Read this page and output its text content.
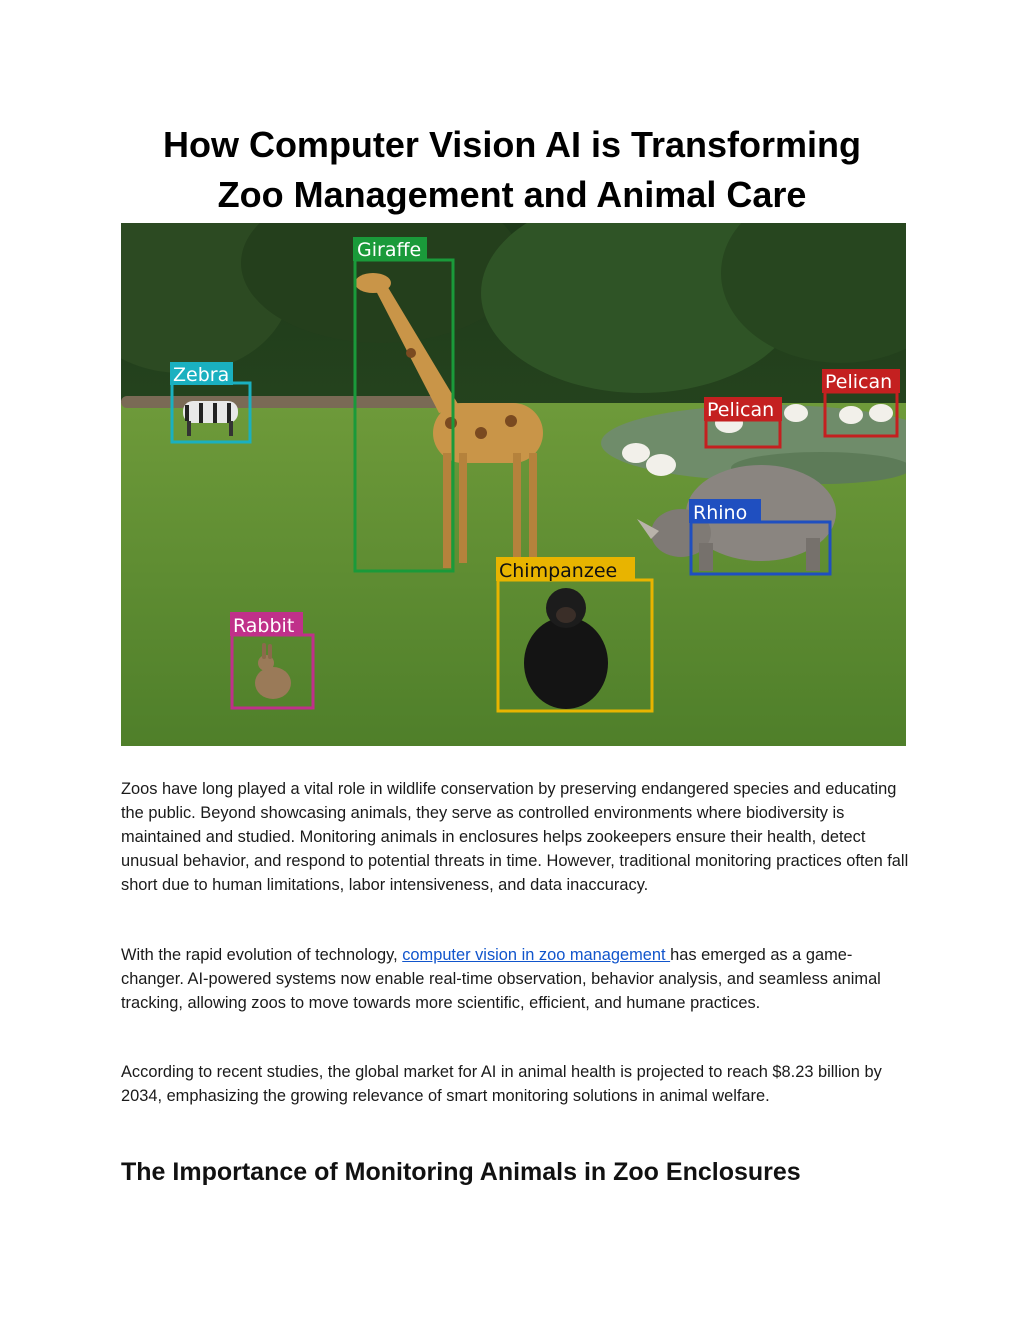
How Computer Vision AI is Transforming
Zoo Management and Animal Care
Giraffe
Zebra
Pelican
Pelican
Rhino
Chimpanzee
Rabbit

Zoos have long played a vital role in wildlife conservation by preserving endangered species and educating the public. Beyond showcasing animals, they serve as controlled environments where biodiversity is maintained and studied. Monitoring animals in enclosures helps zookeepers ensure their health, detect unusual behavior, and respond to potential threats in time. However, traditional monitoring practices often fall short due to human limitations, labor intensiveness, and data inaccuracy.

With the rapid evolution of technology, computer vision in zoo management has emerged as a game-changer. AI-powered systems now enable real-time observation, behavior analysis, and seamless animal tracking, allowing zoos to move towards more scientific, efficient, and humane practices.

According to recent studies, the global market for AI in animal health is projected to reach $8.23 billion by 2034, emphasizing the growing relevance of smart monitoring solutions in animal welfare.

The Importance of Monitoring Animals in Zoo Enclosures
